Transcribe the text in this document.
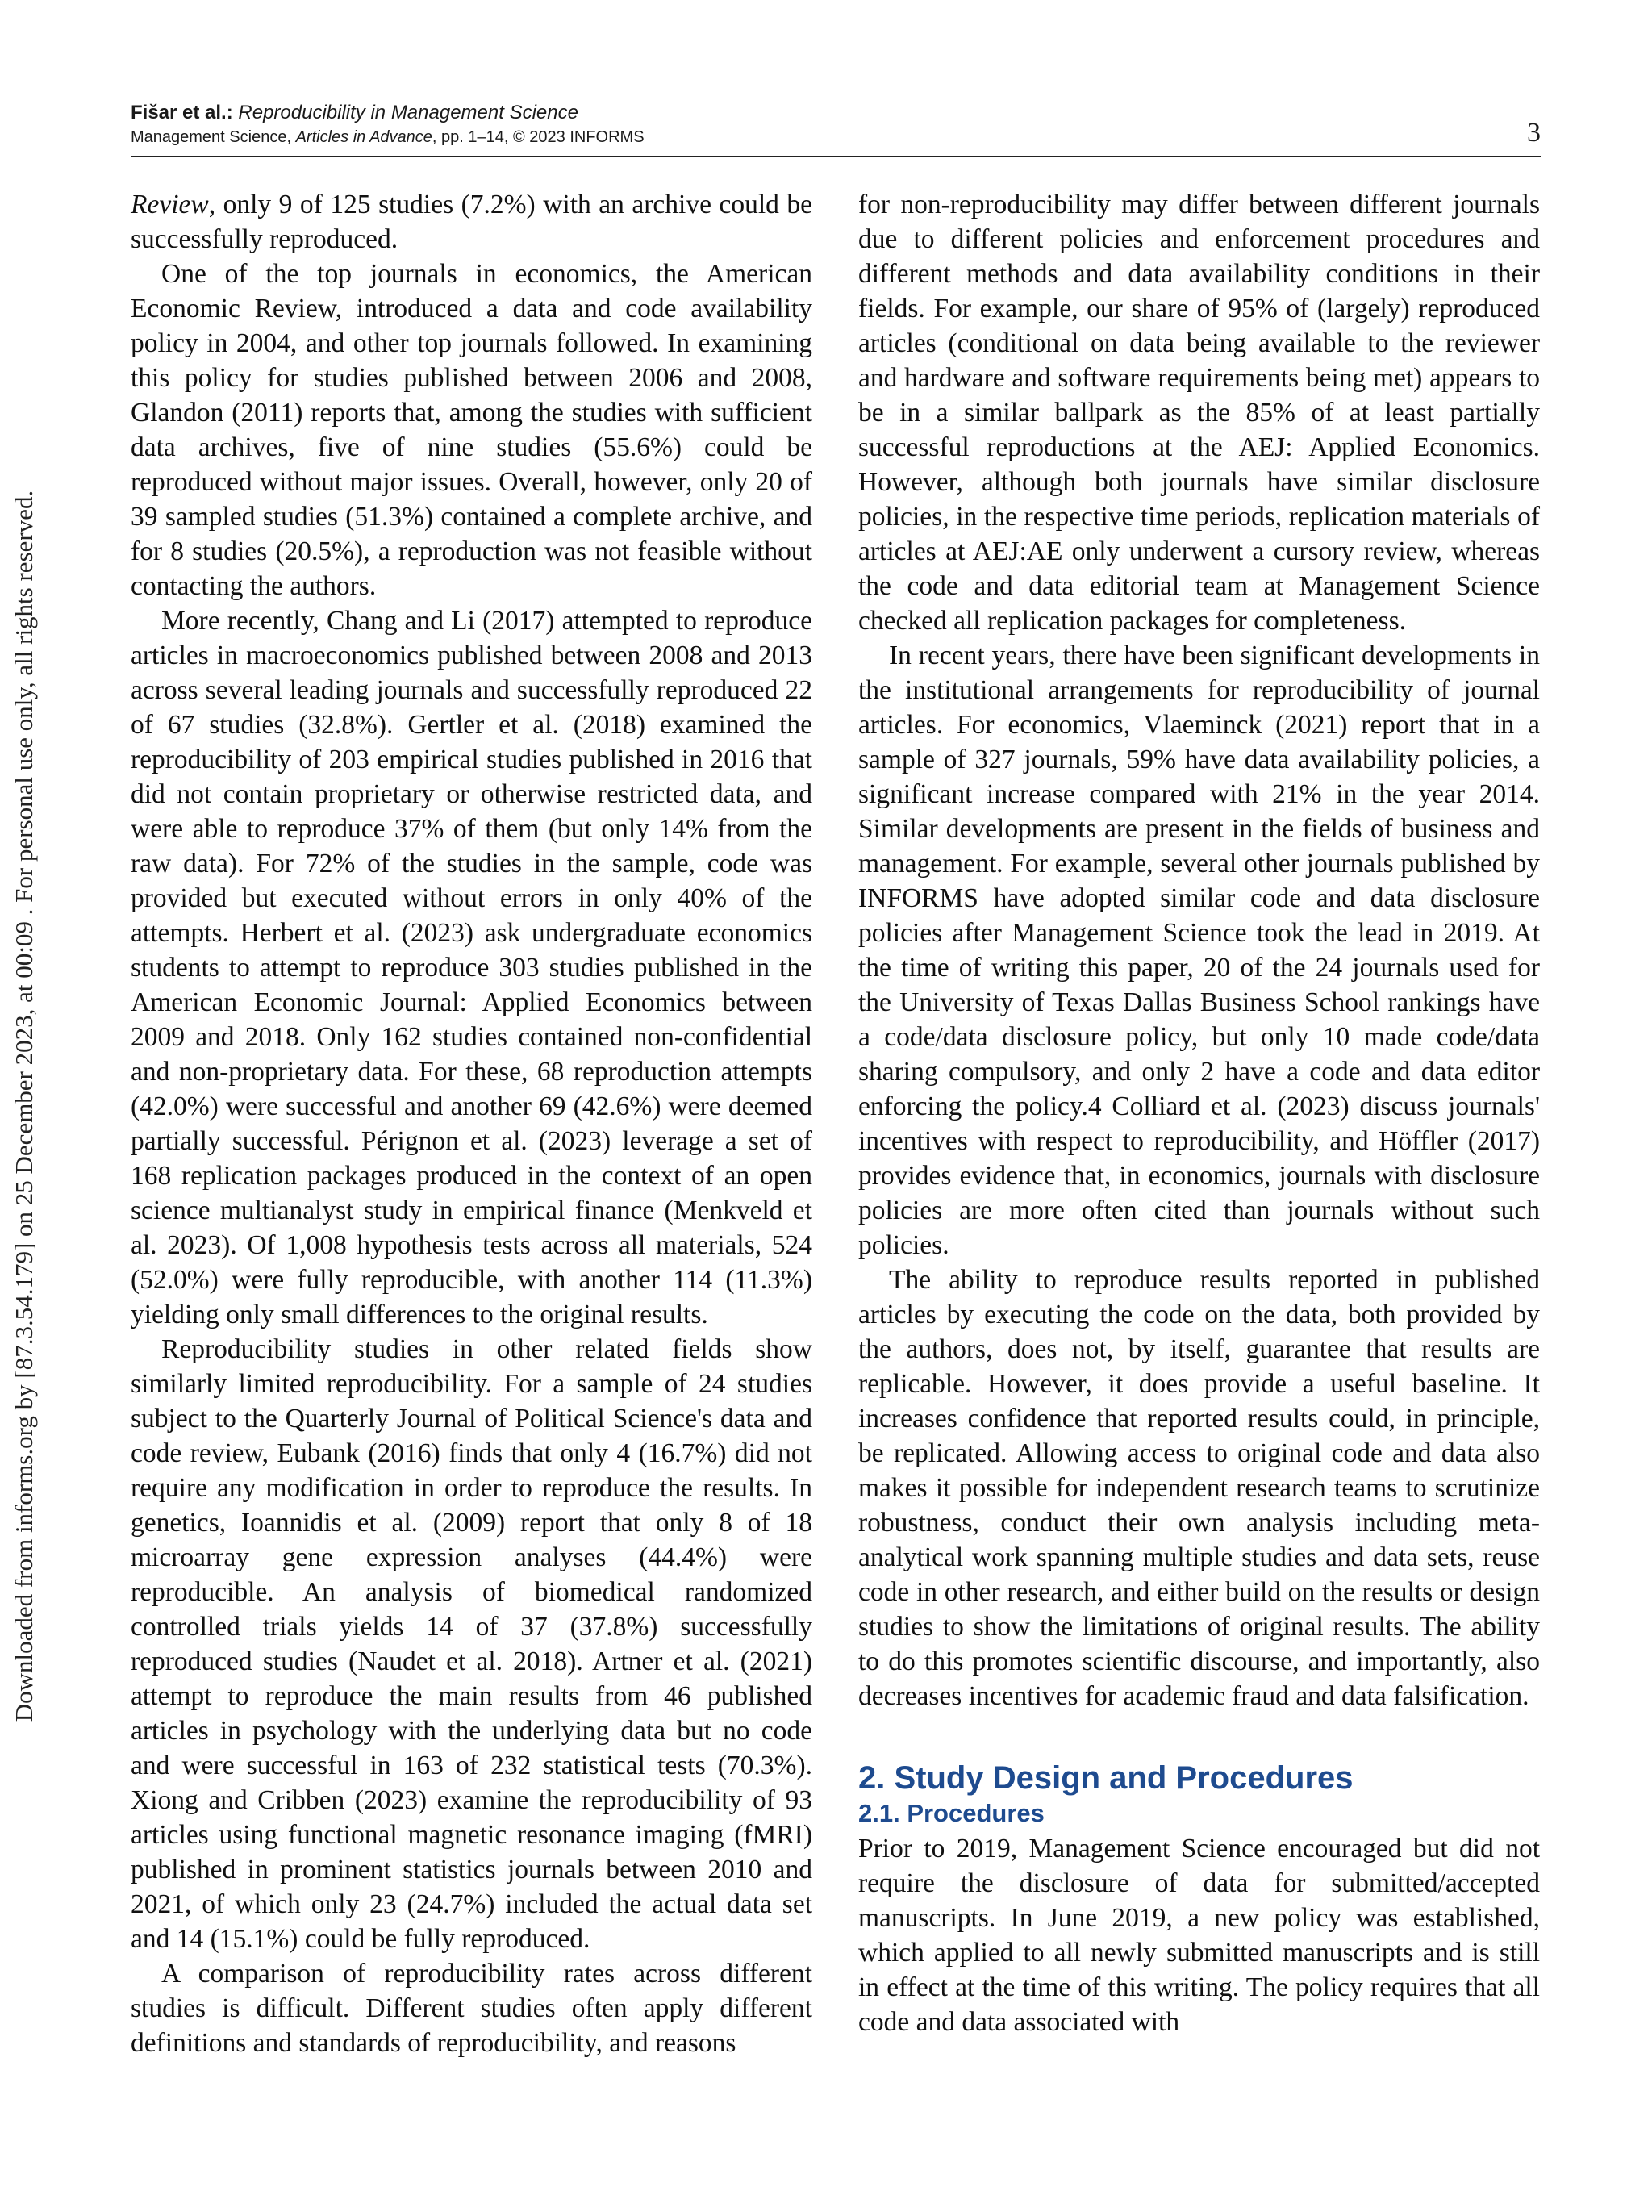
Downloaded from informs.org by [87.3.54.179] on 25 December 2023, at 00:09 . For personal use only, all rights reserved.
Fišar et al.: Reproducibility in Management Science
Management Science, Articles in Advance, pp. 1–14, © 2023 INFORMS	3

Review, only 9 of 125 studies (7.2%) with an archive could be successfully reproduced.

One of the top journals in economics, the American Economic Review, introduced a data and code availability policy in 2004, and other top journals followed. In examining this policy for studies published between 2006 and 2008, Glandon (2011) reports that, among the studies with sufficient data archives, five of nine studies (55.6%) could be reproduced without major issues. Overall, however, only 20 of 39 sampled studies (51.3%) contained a complete archive, and for 8 studies (20.5%), a reproduction was not feasible without contacting the authors.

More recently, Chang and Li (2017) attempted to reproduce articles in macroeconomics published between 2008 and 2013 across several leading journals and successfully reproduced 22 of 67 studies (32.8%). Gertler et al. (2018) examined the reproducibility of 203 empirical studies published in 2016 that did not contain proprietary or otherwise restricted data, and were able to reproduce 37% of them (but only 14% from the raw data). For 72% of the studies in the sample, code was provided but executed without errors in only 40% of the attempts. Herbert et al. (2023) ask undergraduate economics students to attempt to reproduce 303 studies published in the American Economic Journal: Applied Economics between 2009 and 2018. Only 162 studies contained non-confidential and non-proprietary data. For these, 68 reproduction attempts (42.0%) were successful and another 69 (42.6%) were deemed partially successful. Pérignon et al. (2023) leverage a set of 168 replication packages produced in the context of an open science multianalyst study in empirical finance (Menkveld et al. 2023). Of 1,008 hypothesis tests across all materials, 524 (52.0%) were fully reproducible, with another 114 (11.3%) yielding only small differences to the original results.

Reproducibility studies in other related fields show similarly limited reproducibility. For a sample of 24 studies subject to the Quarterly Journal of Political Science's data and code review, Eubank (2016) finds that only 4 (16.7%) did not require any modification in order to reproduce the results. In genetics, Ioannidis et al. (2009) report that only 8 of 18 microarray gene expression analyses (44.4%) were reproducible. An analysis of biomedical randomized controlled trials yields 14 of 37 (37.8%) successfully reproduced studies (Naudet et al. 2018). Artner et al. (2021) attempt to reproduce the main results from 46 published articles in psychology with the underlying data but no code and were successful in 163 of 232 statistical tests (70.3%). Xiong and Cribben (2023) examine the reproducibility of 93 articles using functional magnetic resonance imaging (fMRI) published in prominent statistics journals between 2010 and 2021, of which only 23 (24.7%) included the actual data set and 14 (15.1%) could be fully reproduced.

A comparison of reproducibility rates across different studies is difficult. Different studies often apply different definitions and standards of reproducibility, and reasons

for non-reproducibility may differ between different journals due to different policies and enforcement procedures and different methods and data availability conditions in their fields. For example, our share of 95% of (largely) reproduced articles (conditional on data being available to the reviewer and hardware and software requirements being met) appears to be in a similar ballpark as the 85% of at least partially successful reproductions at the AEJ: Applied Economics. However, although both journals have similar disclosure policies, in the respective time periods, replication materials of articles at AEJ:AE only underwent a cursory review, whereas the code and data editorial team at Management Science checked all replication packages for completeness.

In recent years, there have been significant developments in the institutional arrangements for reproducibility of journal articles. For economics, Vlaeminck (2021) report that in a sample of 327 journals, 59% have data availability policies, a significant increase compared with 21% in the year 2014. Similar developments are present in the fields of business and management. For example, several other journals published by INFORMS have adopted similar code and data disclosure policies after Management Science took the lead in 2019. At the time of writing this paper, 20 of the 24 journals used for the University of Texas Dallas Business School rankings have a code/data disclosure policy, but only 10 made code/data sharing compulsory, and only 2 have a code and data editor enforcing the policy.4 Colliard et al. (2023) discuss journals' incentives with respect to reproducibility, and Höffler (2017) provides evidence that, in economics, journals with disclosure policies are more often cited than journals without such policies.

The ability to reproduce results reported in published articles by executing the code on the data, both provided by the authors, does not, by itself, guarantee that results are replicable. However, it does provide a useful baseline. It increases confidence that reported results could, in principle, be replicated. Allowing access to original code and data also makes it possible for independent research teams to scrutinize robustness, conduct their own analysis including meta-analytical work spanning multiple studies and data sets, reuse code in other research, and either build on the results or design studies to show the limitations of original results. The ability to do this promotes scientific discourse, and importantly, also decreases incentives for academic fraud and data falsification.

2. Study Design and Procedures
2.1. Procedures

Prior to 2019, Management Science encouraged but did not require the disclosure of data for submitted/accepted manuscripts. In June 2019, a new policy was established, which applied to all newly submitted manuscripts and is still in effect at the time of this writing. The policy requires that all code and data associated with
